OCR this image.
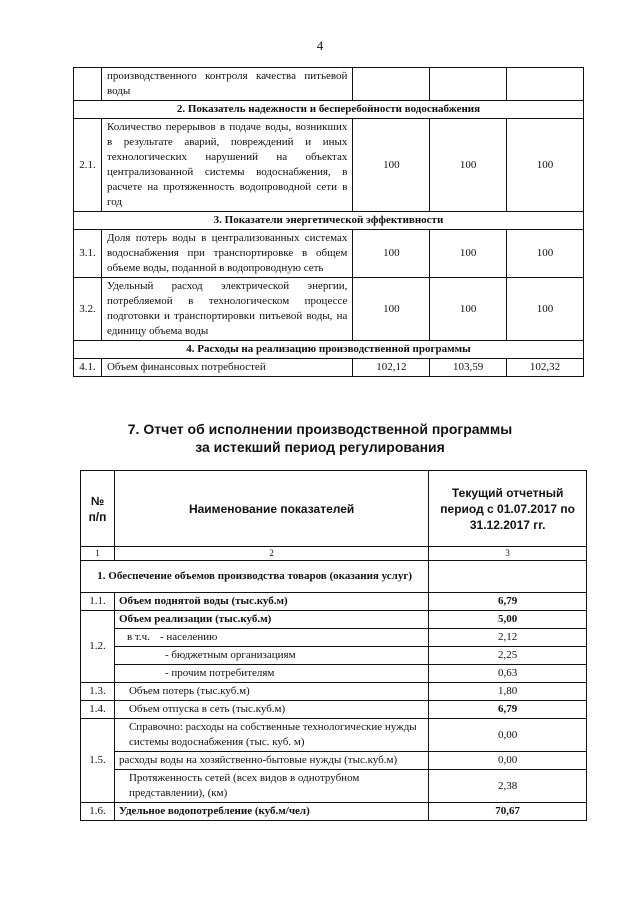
4
	производственного контроля качества питьевой воды			
2. Показатель надежности и бесперебойности водоснабжения				
2.1.	Количество перерывов в подаче воды, возникших в результате аварий, повреждений и иных технологических нарушений на объектах централизованной системы водоснабжения, в расчете на протяженность водопроводной сети в год	100	100	100
3. Показатели энергетической эффективности				
3.1.	Доля потерь воды в централизованных системах водоснабжения при транспортировке в общем объеме воды, поданной в водопроводную сеть	100	100	100
3.2.	Удельный расход электрической энергии, потребляемой в технологическом процессе подготовки и транспортировки питьевой воды, на единицу объема воды	100	100	100
4. Расходы на реализацию производственной программы				
4.1.	Объем финансовых потребностей	102,12	103,59	102,32
7. Отчет об исполнении производственной программы
за истекший период регулирования
№ п/п	Наименование показателей	Текущий отчетный период с 01.07.2017 по 31.12.2017 гг.
1	2	3
1. Обеспечение объемов производства товаров (оказания услуг)		
1.1.	Объем поднятой воды (тыс.куб.м)	6,79
1.2.	Объем реализации (тыс.куб.м)	5,00
	в т.ч. - населению	2,12
	- бюджетным организациям	2,25
	- прочим потребителям	0,63
1.3.	Объем потерь (тыс.куб.м)	1,80
1.4.	Объем отпуска в сеть (тыс.куб.м)	6,79
1.5.	Справочно: расходы на собственные технологические нужды системы водоснабжения (тыс. куб. м)	0,00
	расходы воды на хозяйственно-бытовые нужды (тыс.куб.м)	0,00
	Протяженность сетей (всех видов в однотрубном представлении), (км)	2,38
1.6.	Удельное водопотребление (куб.м/чел)	70,67
